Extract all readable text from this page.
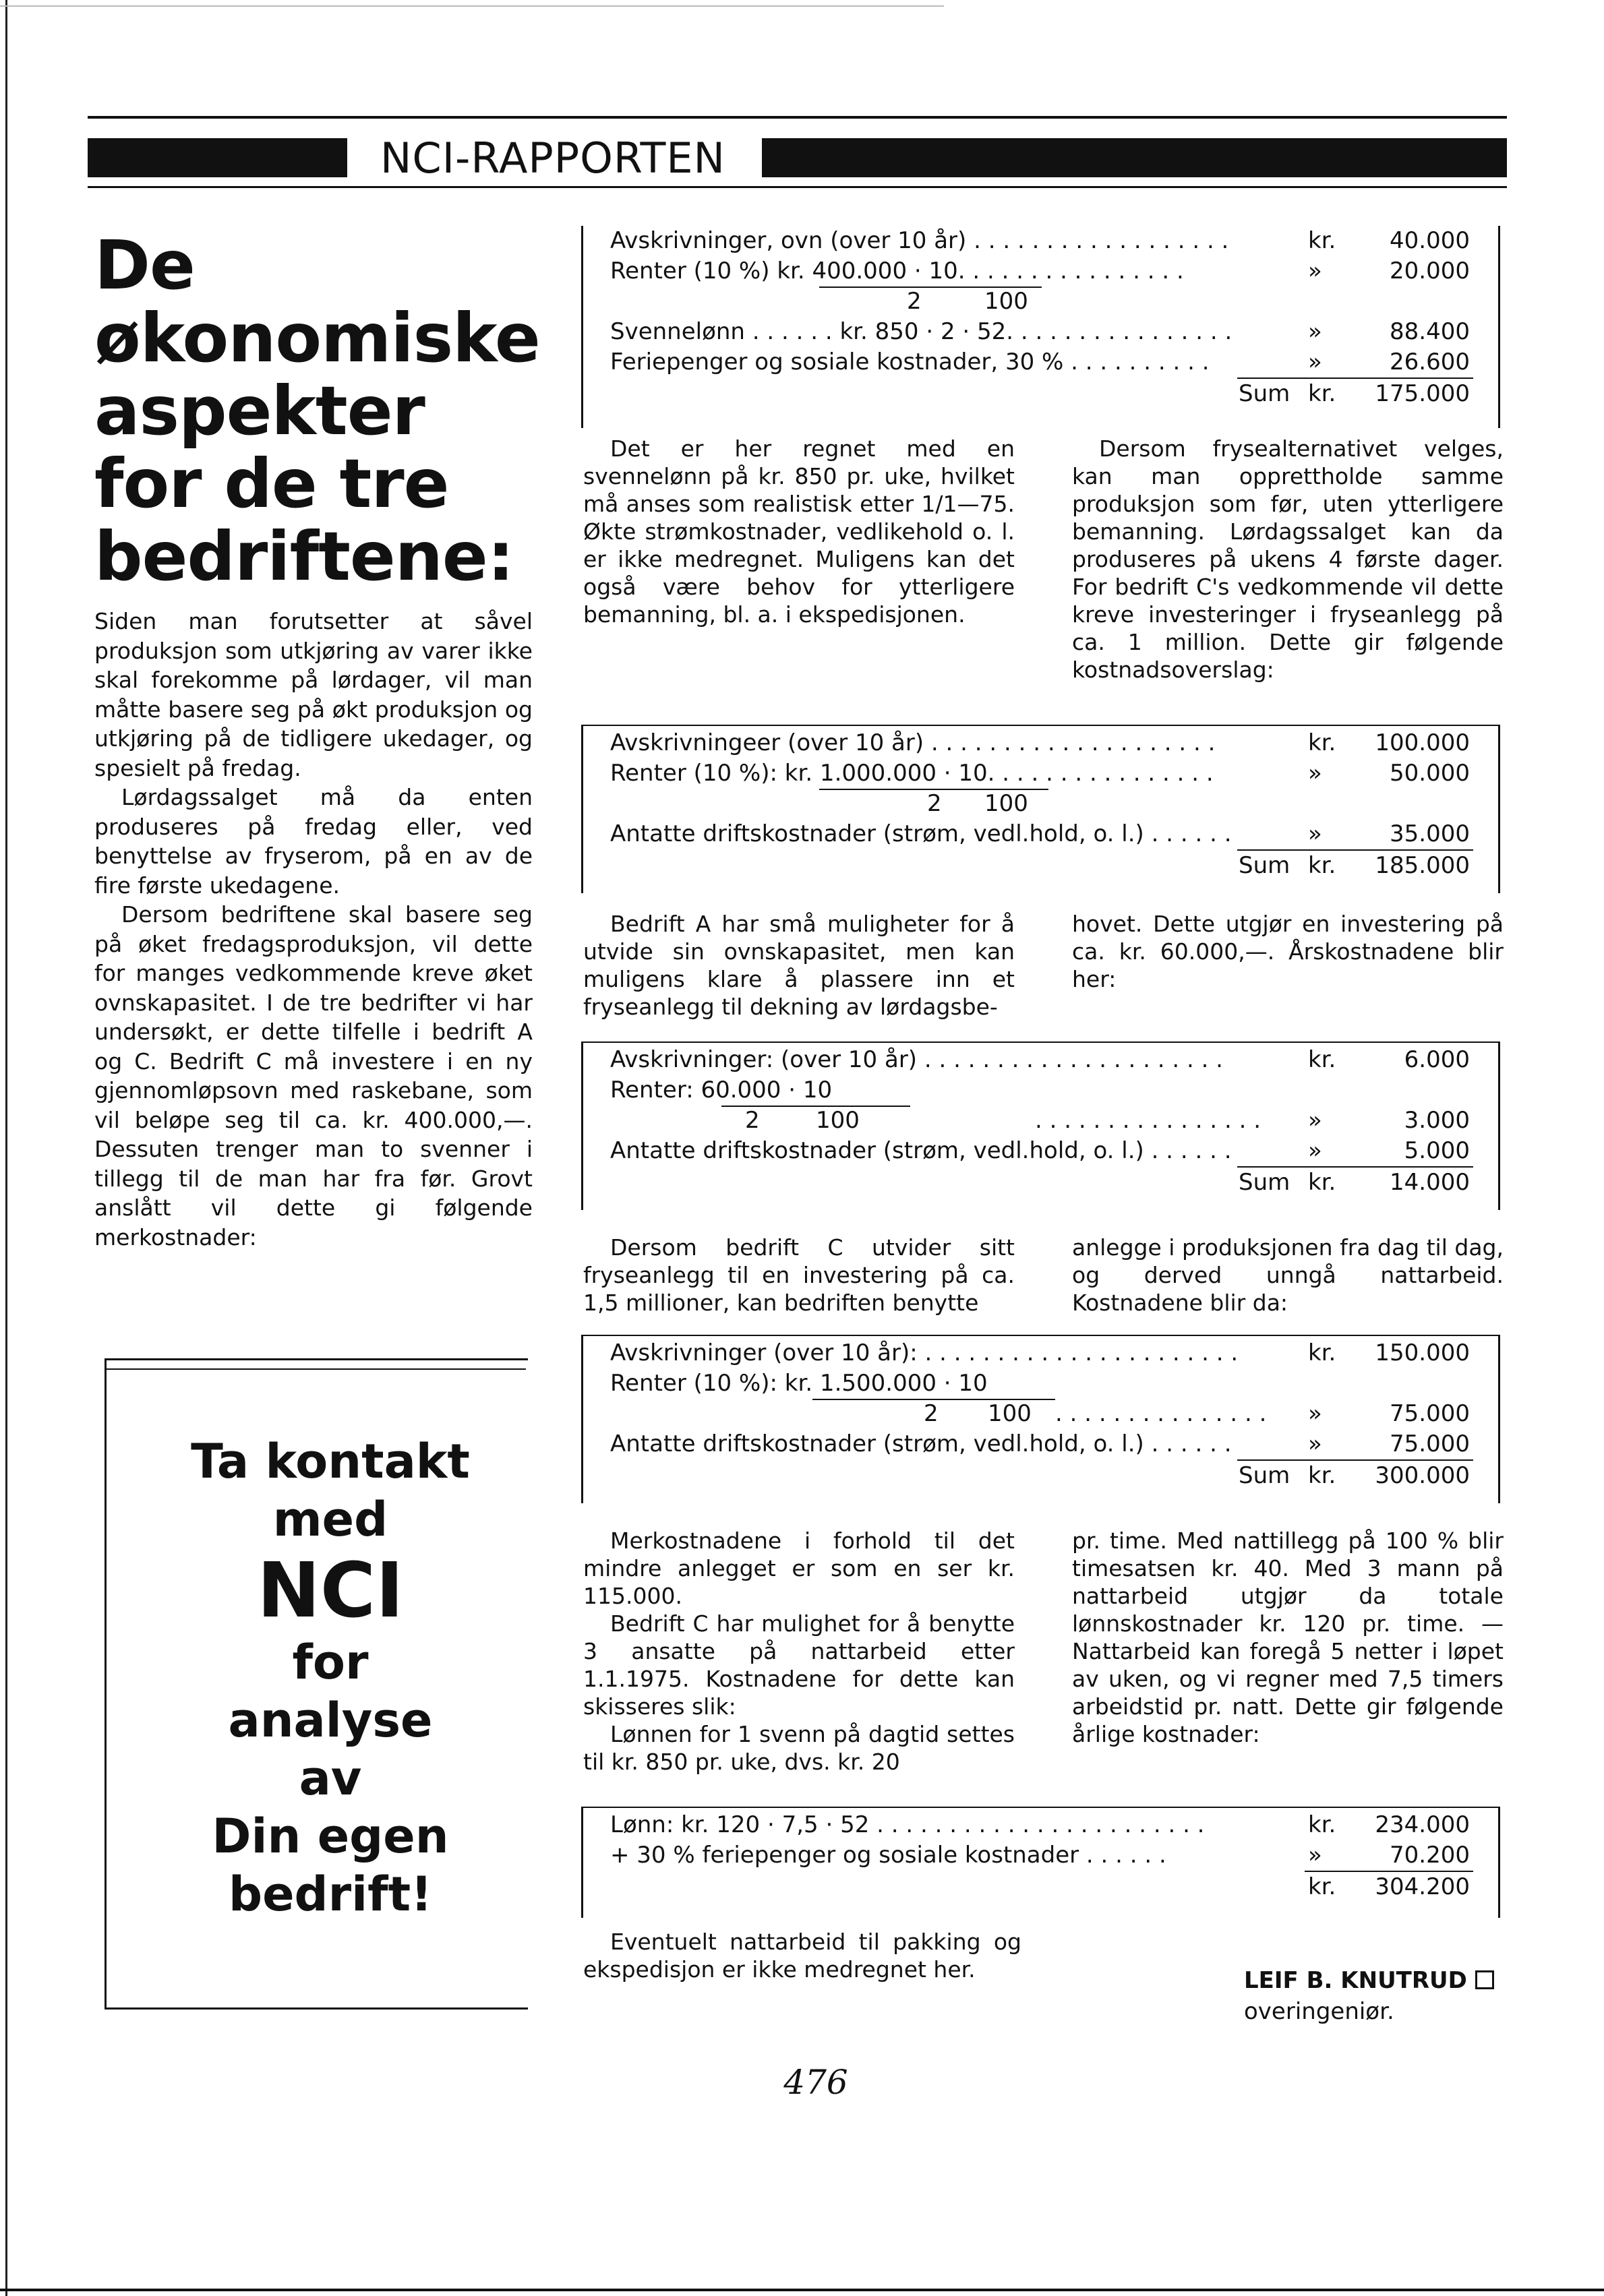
NCI-RAPPORTEN
De
økonomiske
aspekter
for de tre
bedriftene:

Siden man forutsetter at såvel produksjon som utkjøring av varer ikke skal forekomme på lørdager, vil man måtte basere seg på økt produksjon og utkjøring på de tidligere ukedager, og spesielt på fredag.

Lørdagssalget må da enten produseres på fredag eller, ved benyttelse av fryserom, på en av de fire første ukedagene.

Dersom bedriftene skal basere seg på øket fredagsproduksjon, vil dette for manges vedkommende kreve øket ovnskapasitet. I de tre bedrifter vi har undersøkt, er dette tilfelle i bedrift A og C. Bedrift C må investere i en ny gjennomløpsovn med raskebane, som vil beløpe seg til ca. kr. 400.000,—. Dessuten trenger man to svenner i tillegg til de man har fra før. Grovt anslått vil dette gi følgende merkostnader:

Ta kontakt
med
NCI
for
analyse
av
Din egen
bedrift!
Avskrivninger, ovn (over 10 år) . . . . . . . . . . . . . . . . . .	kr. 40.000
Renter (10 %) kr. 400.000 · 10. . . . . . . . . . . . . . . .	»	20.000
2	100
Svennelønn . . . . . . kr. 850 · 2 · 52. . . . . . . . . . . . . . . .	»	88.400
Feriepenger og sosiale kostnader, 30 % . . . . . . . . . .	»	26.600
Sum kr. 175.000

Det er her regnet med en svennelønn på kr. 850 pr. uke, hvilket må anses som realistisk etter 1/1—75. Økte strømkostnader, vedlikehold o. l. er ikke medregnet. Muligens kan det også være behov for ytterligere bemanning, bl. a. i ekspedisjonen.

Dersom frysealternativet velges, kan man opprettholde samme produksjon som før, uten ytterligere bemanning. Lørdagssalget kan da produseres på ukens 4 første dager. For bedrift C's vedkommende vil dette kreve investeringer i fryseanlegg på ca. 1 million. Dette gir følgende kostnadsoverslag:

Avskrivningeer (over 10 år) . . . . . . . . . . . . . . . . . . . .	kr. 100.000
Renter (10 %): kr. 1.000.000 · 10. . . . . . . . . . . . . . . .	»	50.000
2 100
Antatte driftskostnader (strøm, vedl.hold, o. l.) . . . . . .	»	35.000
Sum kr. 185.000

Bedrift A har små muligheter for å utvide sin ovnskapasitet, men kan muligens klare å plassere inn et fryseanlegg til dekning av lørdagsbe-

hovet. Dette utgjør en investering på ca. kr. 60.000,—. Årskostnadene blir her:

Avskrivninger: (over 10 år) . . . . . . . . . . . . . . . . . . . . .	kr.	6.000
Renter: 60.000 · 10
2 100	. . . . . . . . . . . . . . . . »	3.000
Antatte driftskostnader (strøm, vedl.hold, o. l.) . . . . . .	»	5.000
Sum kr. 14.000

Dersom bedrift C utvider sitt fryseanlegg til en investering på ca. 1,5 millioner, kan bedriften benytte

anlegge i produksjonen fra dag til dag, og derved unngå nattarbeid. Kostnadene blir da:

Avskrivninger (over 10 år): . . . . . . . . . . . . . . . . . . . . . .	kr. 150.000
Renter (10 %): kr. 1.500.000 · 10
2 100 . . . . . . . . . . . . . . . »	75.000
Antatte driftskostnader (strøm, vedl.hold, o. l.) . . . . . .	»	75.000
Sum kr. 300.000

Merkostnadene i forhold til det mindre anlegget er som en ser kr. 115.000.

Bedrift C har mulighet for å benytte 3 ansatte på nattarbeid etter 1.1.1975. Kostnadene for dette kan skisseres slik:

Lønnen for 1 svenn på dagtid settes til kr. 850 pr. uke, dvs. kr. 20

pr. time. Med nattillegg på 100 % blir timesatsen kr. 40. Med 3 mann på nattarbeid utgjør da totale lønnskostnader kr. 120 pr. time. — Nattarbeid kan foregå 5 netter i løpet av uken, og vi regner med 7,5 timers arbeidstid pr. natt. Dette gir følgende årlige kostnader:

Lønn: kr. 120 · 7,5 · 52 . . . . . . . . . . . . . . . . . . . . . . .	kr. 234.000
+ 30 % feriepenger og sosiale kostnader . . . . . .	»	70.200
kr. 304.200

Eventuelt nattarbeid til pakking og ekspedisjon er ikke medregnet her.	LEIF B. KNUTRUD
overingeniør.
476
